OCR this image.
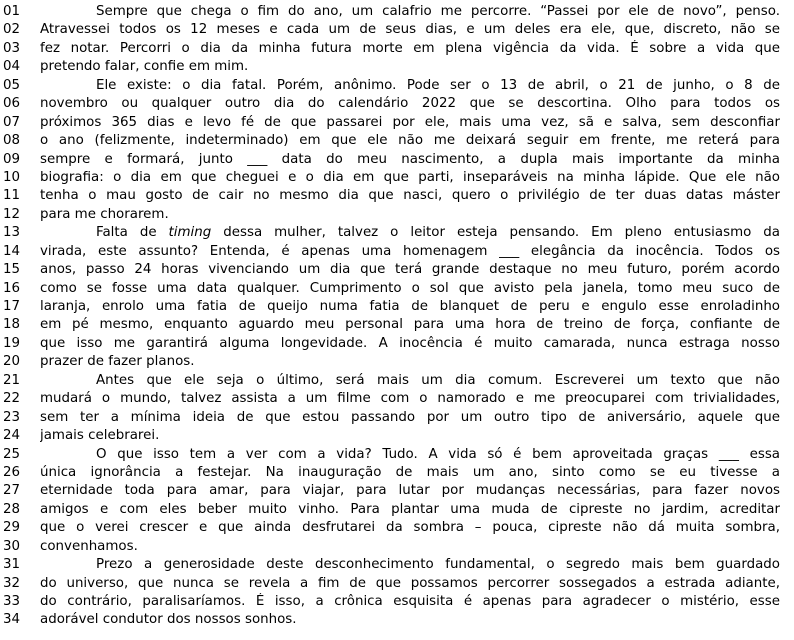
01	Sempre que chega o fim do ano, um calafrio me percorre. “Passei por ele de novo”, penso.
02	Atravessei todos os 12 meses e cada um de seus dias, e um deles era ele, que, discreto, não se
03	fez notar. Percorri o dia da minha futura morte em plena vigência da vida. É sobre a vida que
04	pretendo falar, confie em mim.
05	Ele existe: o dia fatal. Porém, anônimo. Pode ser o 13 de abril, o 21 de junho, o 8 de
06	novembro ou qualquer outro dia do calendário 2022 que se descortina. Olho para todos os
07	próximos 365 dias e levo fé de que passarei por ele, mais uma vez, sã e salva, sem desconfiar
08	o ano (felizmente, indeterminado) em que ele não me deixará seguir em frente, me reterá para
09	sempre e formará, junto ___ data do meu nascimento, a dupla mais importante da minha
10	biografia: o dia em que cheguei e o dia em que parti, inseparáveis na minha lápide. Que ele não
11	tenha o mau gosto de cair no mesmo dia que nasci, quero o privilégio de ter duas datas máster
12	para me chorarem.
13	Falta de timing dessa mulher, talvez o leitor esteja pensando. Em pleno entusiasmo da
14	virada, este assunto? Entenda, é apenas uma homenagem ___ elegância da inocência. Todos os
15	anos, passo 24 horas vivenciando um dia que terá grande destaque no meu futuro, porém acordo
16	como se fosse uma data qualquer. Cumprimento o sol que avisto pela janela, tomo meu suco de
17	laranja, enrolo uma fatia de queijo numa fatia de blanquet de peru e engulo esse enroladinho
18	em pé mesmo, enquanto aguardo meu personal para uma hora de treino de força, confiante de
19	que isso me garantirá alguma longevidade. A inocência é muito camarada, nunca estraga nosso
20	prazer de fazer planos.
21	Antes que ele seja o último, será mais um dia comum. Escreverei um texto que não
22	mudará o mundo, talvez assista a um filme com o namorado e me preocuparei com trivialidades,
23	sem ter a mínima ideia de que estou passando por um outro tipo de aniversário, aquele que
24	jamais celebrarei.
25	O que isso tem a ver com a vida? Tudo. A vida só é bem aproveitada graças ___ essa
26	única ignorância a festejar. Na inauguração de mais um ano, sinto como se eu tivesse a
27	eternidade toda para amar, para viajar, para lutar por mudanças necessárias, para fazer novos
28	amigos e com eles beber muito vinho. Para plantar uma muda de cipreste no jardim, acreditar
29	que o verei crescer e que ainda desfrutarei da sombra – pouca, cipreste não dá muita sombra,
30	convenhamos.
31	Prezo a generosidade deste desconhecimento fundamental, o segredo mais bem guardado
32	do universo, que nunca se revela a fim de que possamos percorrer sossegados a estrada adiante,
33	do contrário, paralisaríamos. É isso, a crônica esquisita é apenas para agradecer o mistério, esse
34	adorável condutor dos nossos sonhos.
